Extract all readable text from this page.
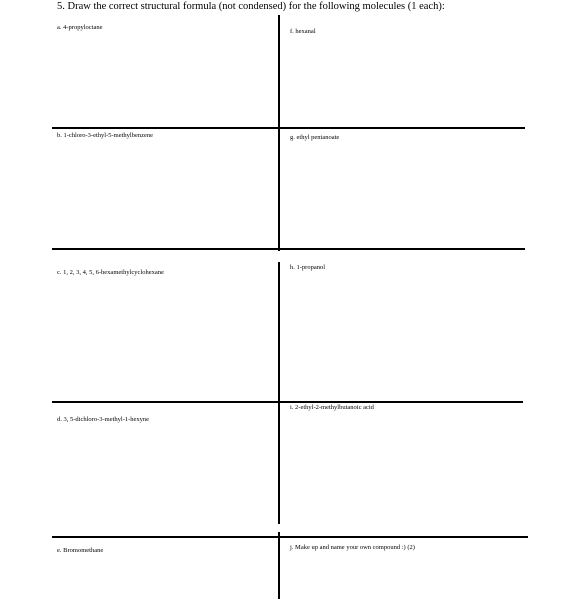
5. Draw the correct structural formula (not condensed) for the following molecules (1 each):
a. 4-propyloctane
f. hexanal
b. 1-chloro-3-ethyl-5-methylbenzene	g. ethyl pentanoate
c. 1, 2, 3, 4, 5, 6-hexamethylcyclohexane
h. 1-propanol
d. 3, 5-dichloro-3-methyl-1-hexyne
i. 2-ethyl-2-methylbutanoic acid
e. Bromomethane	j. Make up and name your own compound :) (2)
